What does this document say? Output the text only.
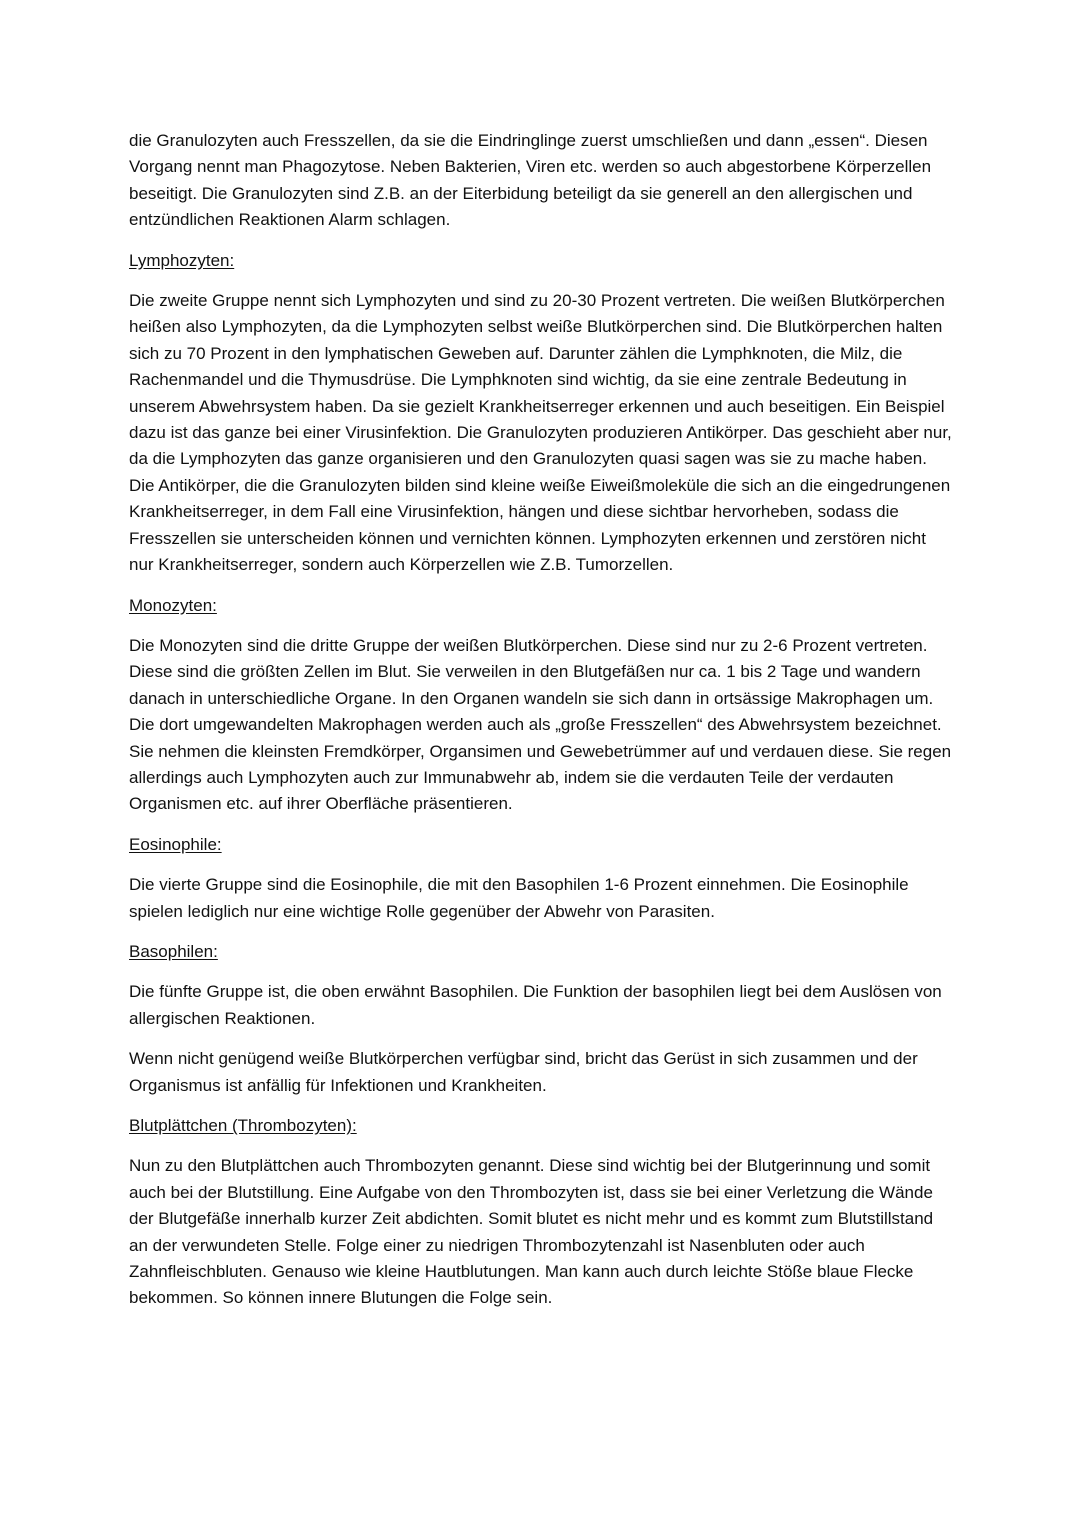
die Granulozyten auch Fresszellen, da sie die Eindringlinge zuerst umschließen und dann „essen“. Diesen Vorgang nennt man Phagozytose. Neben Bakterien, Viren etc. werden so auch abgestorbene Körperzellen beseitigt. Die Granulozyten sind Z.B. an der Eiterbidung beteiligt da sie generell an den allergischen und entzündlichen Reaktionen Alarm schlagen.

Lymphozyten:

Die zweite Gruppe nennt sich Lymphozyten und sind zu 20-30 Prozent vertreten. Die weißen Blutkörperchen heißen also Lymphozyten, da die Lymphozyten selbst weiße Blutkörperchen sind. Die Blutkörperchen halten sich zu 70 Prozent in den lymphatischen Geweben auf. Darunter zählen die Lymphknoten, die Milz, die Rachenmandel und die Thymusdrüse. Die Lymphknoten sind wichtig, da sie eine zentrale Bedeutung in unserem Abwehrsystem haben. Da sie gezielt Krankheitserreger erkennen und auch beseitigen. Ein Beispiel dazu ist das ganze bei einer Virusinfektion. Die Granulozyten produzieren Antikörper. Das geschieht aber nur, da die Lymphozyten das ganze organisieren und den Granulozyten quasi sagen was sie zu mache haben. Die Antikörper, die die Granulozyten bilden sind kleine weiße Eiweißmoleküle die sich an die eingedrungenen Krankheitserreger, in dem Fall eine Virusinfektion, hängen und diese sichtbar hervorheben, sodass die Fresszellen sie unterscheiden können und vernichten können. Lymphozyten erkennen und zerstören nicht nur Krankheitserreger, sondern auch Körperzellen wie Z.B. Tumorzellen.

Monozyten:

Die Monozyten sind die dritte Gruppe der weißen Blutkörperchen. Diese sind nur zu 2-6 Prozent vertreten. Diese sind die größten Zellen im Blut. Sie verweilen in den Blutgefäßen nur ca. 1 bis 2 Tage und wandern danach in unterschiedliche Organe. In den Organen wandeln sie sich dann in ortsässige Makrophagen um. Die dort umgewandelten Makrophagen werden auch als „große Fresszellen“ des Abwehrsystem bezeichnet. Sie nehmen die kleinsten Fremdkörper, Organsimen und Gewebetrümmer auf und verdauen diese. Sie regen allerdings auch Lymphozyten auch zur Immunabwehr ab, indem sie die verdauten Teile der verdauten Organismen etc. auf ihrer Oberfläche präsentieren.

Eosinophile:

Die vierte Gruppe sind die Eosinophile, die mit den Basophilen 1-6 Prozent einnehmen. Die Eosinophile spielen lediglich nur eine wichtige Rolle gegenüber der Abwehr von Parasiten.

Basophilen:

Die fünfte Gruppe ist, die oben erwähnt Basophilen. Die Funktion der basophilen liegt bei dem Auslösen von allergischen Reaktionen.

Wenn nicht genügend weiße Blutkörperchen verfügbar sind, bricht das Gerüst in sich zusammen und der Organismus ist anfällig für Infektionen und Krankheiten.

Blutplättchen (Thrombozyten):

Nun zu den Blutplättchen auch Thrombozyten genannt. Diese sind wichtig bei der Blutgerinnung und somit auch bei der Blutstillung. Eine Aufgabe von den Thrombozyten ist, dass sie bei einer Verletzung die Wände der Blutgefäße innerhalb kurzer Zeit abdichten. Somit blutet es nicht mehr und es kommt zum Blutstillstand an der verwundeten Stelle. Folge einer zu niedrigen Thrombozytenzahl ist Nasenbluten oder auch Zahnfleischbluten. Genauso wie kleine Hautblutungen. Man kann auch durch leichte Stöße blaue Flecke bekommen. So können innere Blutungen die Folge sein.
